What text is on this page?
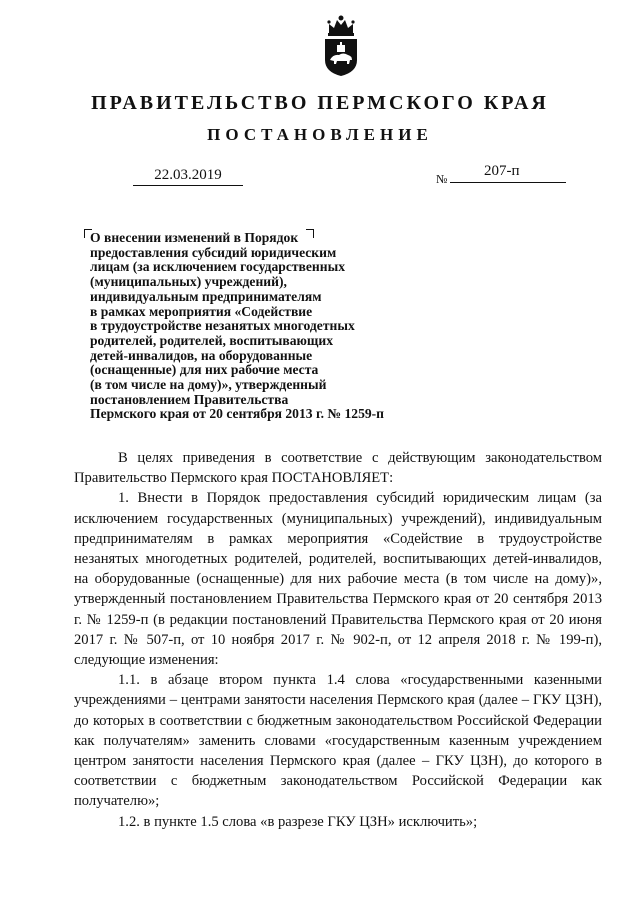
ПРАВИТЕЛЬСТВО ПЕРМСКОГО КРАЯ
ПОСТАНОВЛЕНИЕ
22.03.2019	№	207-п
О внесении изменений в Порядок
предоставления субсидий юридическим
лицам (за исключением государственных
(муниципальных) учреждений),
индивидуальным предпринимателям
в рамках мероприятия «Содействие
в трудоустройстве незанятых многодетных
родителей, родителей, воспитывающих
детей-инвалидов, на оборудованные
(оснащенные) для них рабочие места
(в том числе на дому)», утвержденный
постановлением Правительства
Пермского края от 20 сентября 2013 г. № 1259-п
В целях приведения в соответствие с действующим законодательством Правительство Пермского края ПОСТАНОВЛЯЕТ:
1. Внести в Порядок предоставления субсидий юридическим лицам (за исключением государственных (муниципальных) учреждений), индивидуальным предпринимателям в рамках мероприятия «Содействие в трудоустройстве незанятых многодетных родителей, родителей, воспитывающих детей-инвалидов, на оборудованные (оснащенные) для них рабочие места (в том числе на дому)», утвержденный постановлением Правительства Пермского края от 20 сентября 2013 г. № 1259-п (в редакции постановлений Правительства Пермского края от 20 июня 2017 г. № 507-п, от 10 ноября 2017 г. № 902-п, от 12 апреля 2018 г. № 199-п), следующие изменения:
1.1. в абзаце втором пункта 1.4 слова «государственными казенными учреждениями – центрами занятости населения Пермского края (далее – ГКУ ЦЗН), до которых в соответствии с бюджетным законодательством Российской Федерации как получателям» заменить словами «государственным казенным учреждением центром занятости населения Пермского края (далее – ГКУ ЦЗН), до которого в соответствии с бюджетным законодательством Российской Федерации как получателю»;
1.2. в пункте 1.5 слова «в разрезе ГКУ ЦЗН» исключить»;
